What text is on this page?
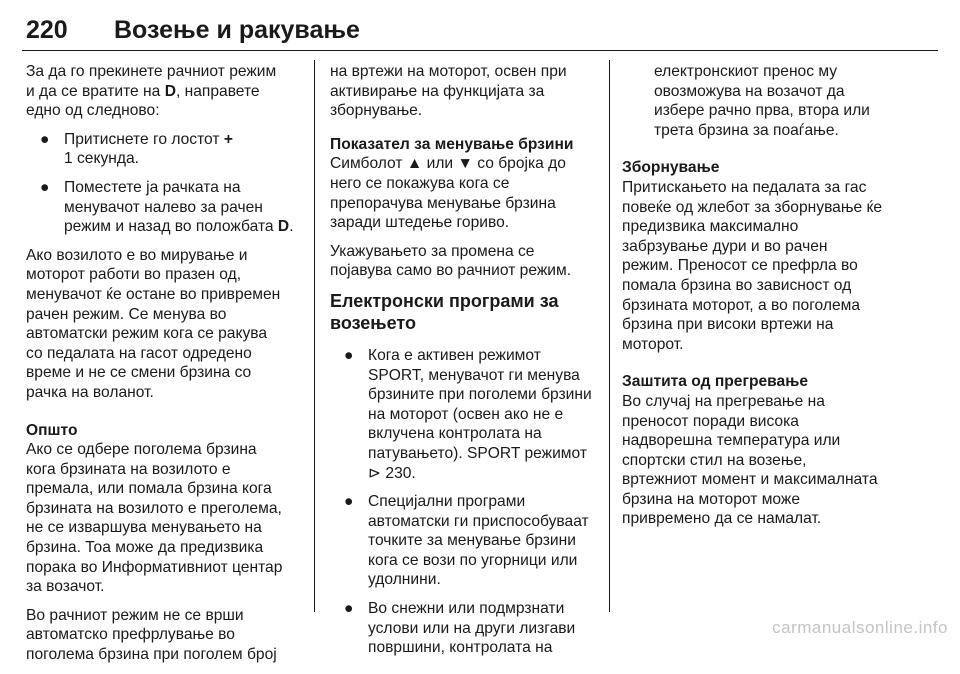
220 Возење и ракување

За да го прекинете рачниот режим
и да се вратите на D, направете
едно од следново:

● Притиснете го лостот +
1 секунда.
● Поместете ја рачката на
менувачот налево за рачен
режим и назад во положбата D.

Ако возилото е во мирување и
моторот работи во празен од,
менувачот ќе остане во привремен
рачен режим. Се менува во
автоматски режим кога се ракува
со педалата на гасот одредено
време и не се смени брзина со
рачка на воланот.

Општо
Ако се одбере поголема брзина
кога брзината на возилото е
премала, или помала брзина кога
брзината на возилото е преголема,
не се изваршува менувањето на
брзина. Тоа може да предизвика
порака во Информативниот центар
за возачот.

Во рачниот режим не се врши
автоматско префрлување во
поголема брзина при поголем број

на вртежи на моторот, освен при
активирање на функцијата за
зборнување.

Показател за менување брзини
Симболот ▲ или ▼ со бројка до
него се покажува кога се
препорачува менување брзина
заради штедење гориво.

Укажувањето за промена се
појавува само во рачниот режим.

Електронски програми за
возењето
● Кога е активен режимот
SPORT, менувачот ги менува
брзините при поголеми брзини
на моторот (освен ако не е
вклучена контролата на
патувањето). SPORT режимот
⊳ 230.
● Специјални програми
автоматски ги приспособуваат
точките за менување брзини
кога се вози по угорници или
удолнини.
● Во снежни или подмрзнати
услови или на други лизгави
површини, контролата на

електронскиот пренос му
овозможува на возачот да
избере рачно прва, втора или
трета брзина за поаѓање.

Зборнување
Притискањето на педалата за гас
повеќе од жлебот за зборнување ќе
предизвика максимално
забрзување дури и во рачен
режим. Преносот се префрла во
помала брзина во зависност од
брзината моторот, а во поголема
брзина при високи вртежи на
моторот.

Заштита од прегревање
Во случај на прегревање на
преносот поради висока
надворешна температура или
спортски стил на возење,
вртежниот момент и максималната
брзина на моторот може
привремено да се намалат.

carmanualsonline.info
